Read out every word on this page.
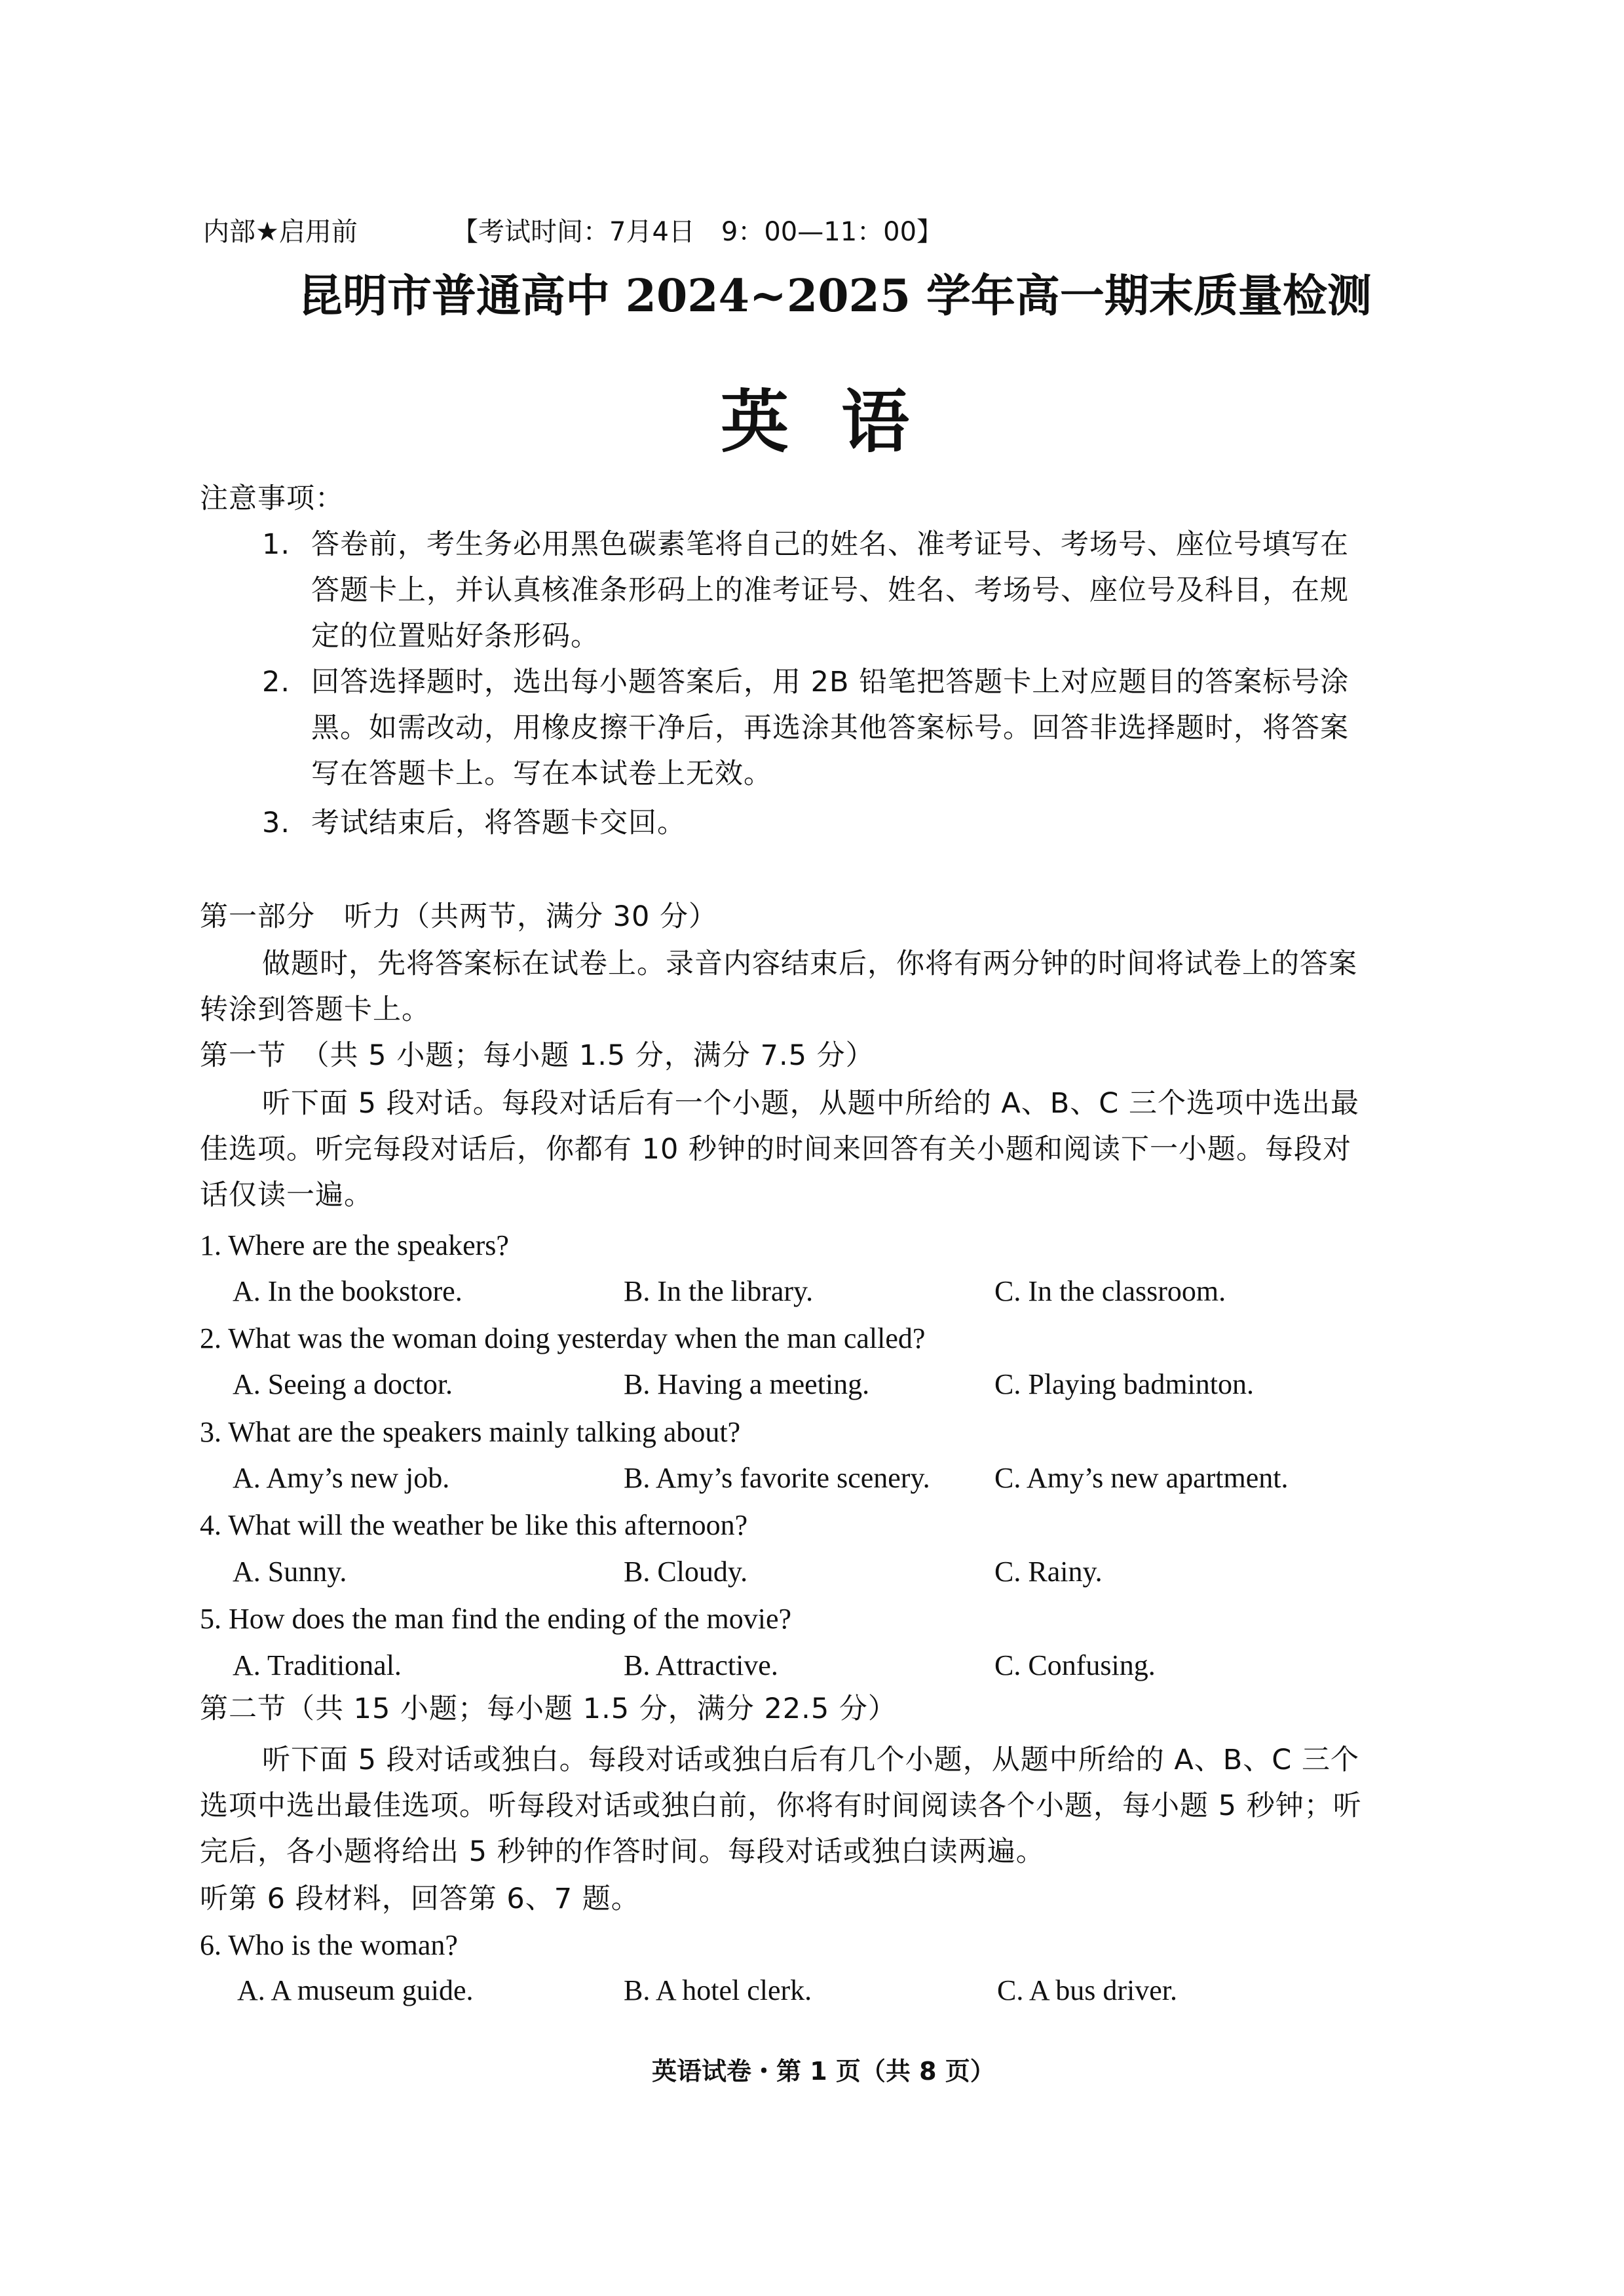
内部★启用前	【考试时间：7月4日　9：00—11：00】
昆明市普通高中 2024~2025 学年高一期末质量检测
英语
注意事项：
1. 答卷前，考生务必用黑色碳素笔将自己的姓名、准考证号、考场号、座位号填写在
答题卡上，并认真核准条形码上的准考证号、姓名、考场号、座位号及科目，在规
定的位置贴好条形码。
2. 回答选择题时，选出每小题答案后，用 2B 铅笔把答题卡上对应题目的答案标号涂
黑。如需改动，用橡皮擦干净后，再选涂其他答案标号。回答非选择题时，将答案
写在答题卡上。写在本试卷上无效。
3. 考试结束后，将答题卡交回。
第一部分　听力（共两节，满分 30 分）
做题时，先将答案标在试卷上。录音内容结束后，你将有两分钟的时间将试卷上的答案
转涂到答题卡上。
第一节　（共 5 小题；每小题 1.5 分，满分 7.5 分）
听下面 5 段对话。每段对话后有一个小题，从题中所给的 A、B、C 三个选项中选出最
佳选项。听完每段对话后，你都有 10 秒钟的时间来回答有关小题和阅读下一小题。每段对
话仅读一遍。
1. Where are the speakers?
A. In the bookstore.	B. In the library.	C. In the classroom.
2. What was the woman doing yesterday when the man called?
A. Seeing a doctor.	B. Having a meeting.	C. Playing badminton.
3. What are the speakers mainly talking about?
A. Amy’s new job.	B. Amy’s favorite scenery. C. Amy’s new apartment.
4. What will the weather be like this afternoon?
A. Sunny.	B. Cloudy.	C. Rainy.
5. How does the man find the ending of the movie?
A. Traditional.	B. Attractive.	C. Confusing.
第二节（共 15 小题；每小题 1.5 分，满分 22.5 分）
听下面 5 段对话或独白。每段对话或独白后有几个小题，从题中所给的 A、B、C 三个
选项中选出最佳选项。听每段对话或独白前，你将有时间阅读各个小题，每小题 5 秒钟；听
完后，各小题将给出 5 秒钟的作答时间。每段对话或独白读两遍。
听第 6 段材料，回答第 6、7 题。
6. Who is the woman?
A. A museum guide.	B. A hotel clerk.	C. A bus driver.
英语试卷・第 1 页（共 8 页）
